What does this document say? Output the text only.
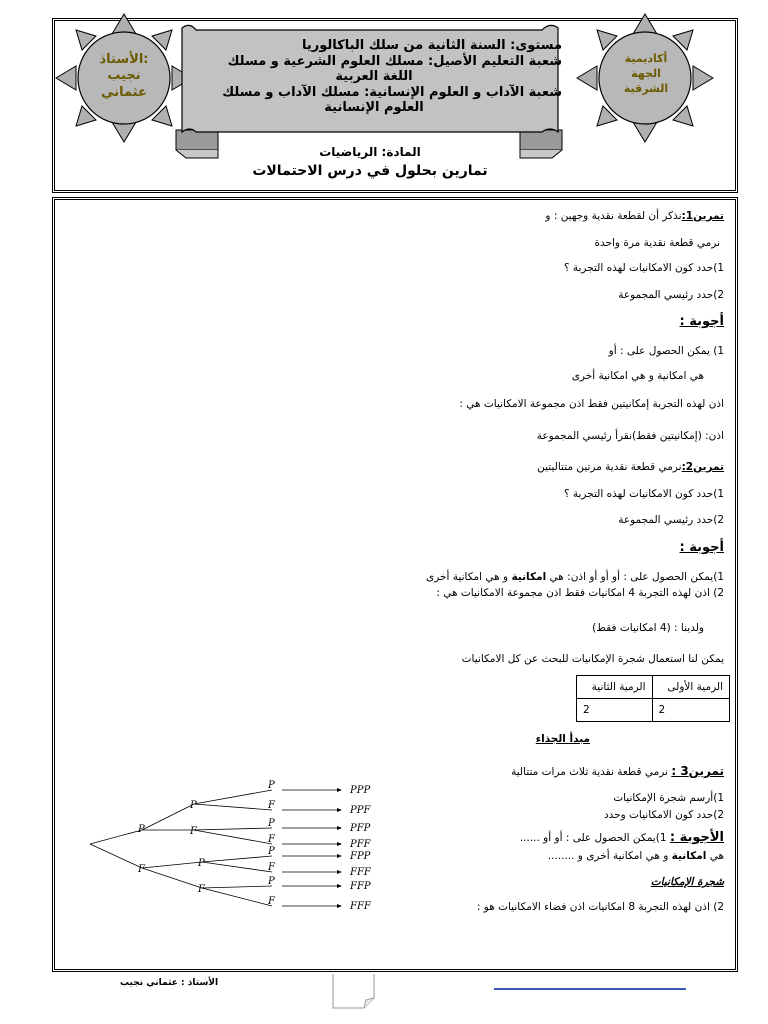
الأستاذ:
نجيب
عثماني
أكاديمية
الجهة
الشرقية
مستوى: السنة الثانية من سلك الباكالوريا
شعبة التعليم الأصيل: مسلك العلوم الشرعية و مسلك
اللغة العربية
شعبة الآداب و العلوم الإنسانية: مسلك الآداب و مسلك
العلوم الإنسانية
المادة: الرياضيات
تمارين بحلول في درس الاحتمالات
تمرين1:نذكر أن لقطعة نقدية وجهين : و
نرمي قطعة نقدية مرة واحدة
1)حدد كون الامكانيات لهذه التجربة ؟
2)حدد رئيسي المجموعة
أجوبة :
1) يمكن الحصول على : أو
هي امكانية و هي امكانية أخرى
اذن لهذه التجربة إمكانيتين فقط اذن مجموعة الامكانيات هي :
اذن: (إمكانيتين فقط)نقرأ رئيسي المجموعة
تمرين2:نرمي قطعة نقدية مرتين متتاليتين
1)حدد كون الامكانيات لهذه التجربة ؟
2)حدد رئيسي المجموعة
أجوبة :
1)يمكن الحصول على : أو أو أو اذن: هي امكانية و هي امكانية أخرى
2) اذن لهذه التجربة 4 امكانيات فقط اذن مجموعة الامكانيات هي :
ولدينا : (4 امكانيات فقط)
يمكن لنا استعمال شجرة الإمكانيات للبحث عن كل الامكانيات
الرمية الأولى	الرمية الثانية
2	2
مبدأ الجذاء
تمرين3 : نرمي قطعة نقدية ثلاث مرات متتالية
1)أرسم شجرة الإمكانيات
2)حدد كون الامكانيات وحدد
الأجوبة : 1)يمكن الحصول على : أو أو ......
هي امكانية و هي امكانية أخرى و ........
شجرة الإمكانيات
2) اذن لهذه التجربة 8 امكانيات اذن فضاء الامكانيات هو :
P
F
P
F
P
F
P	PPP
F	PPF
P	PFP
F	PFF
P	FPP
F	FFF
P	FFP
F	FFF
الأستاذ : عثماني نجيب
